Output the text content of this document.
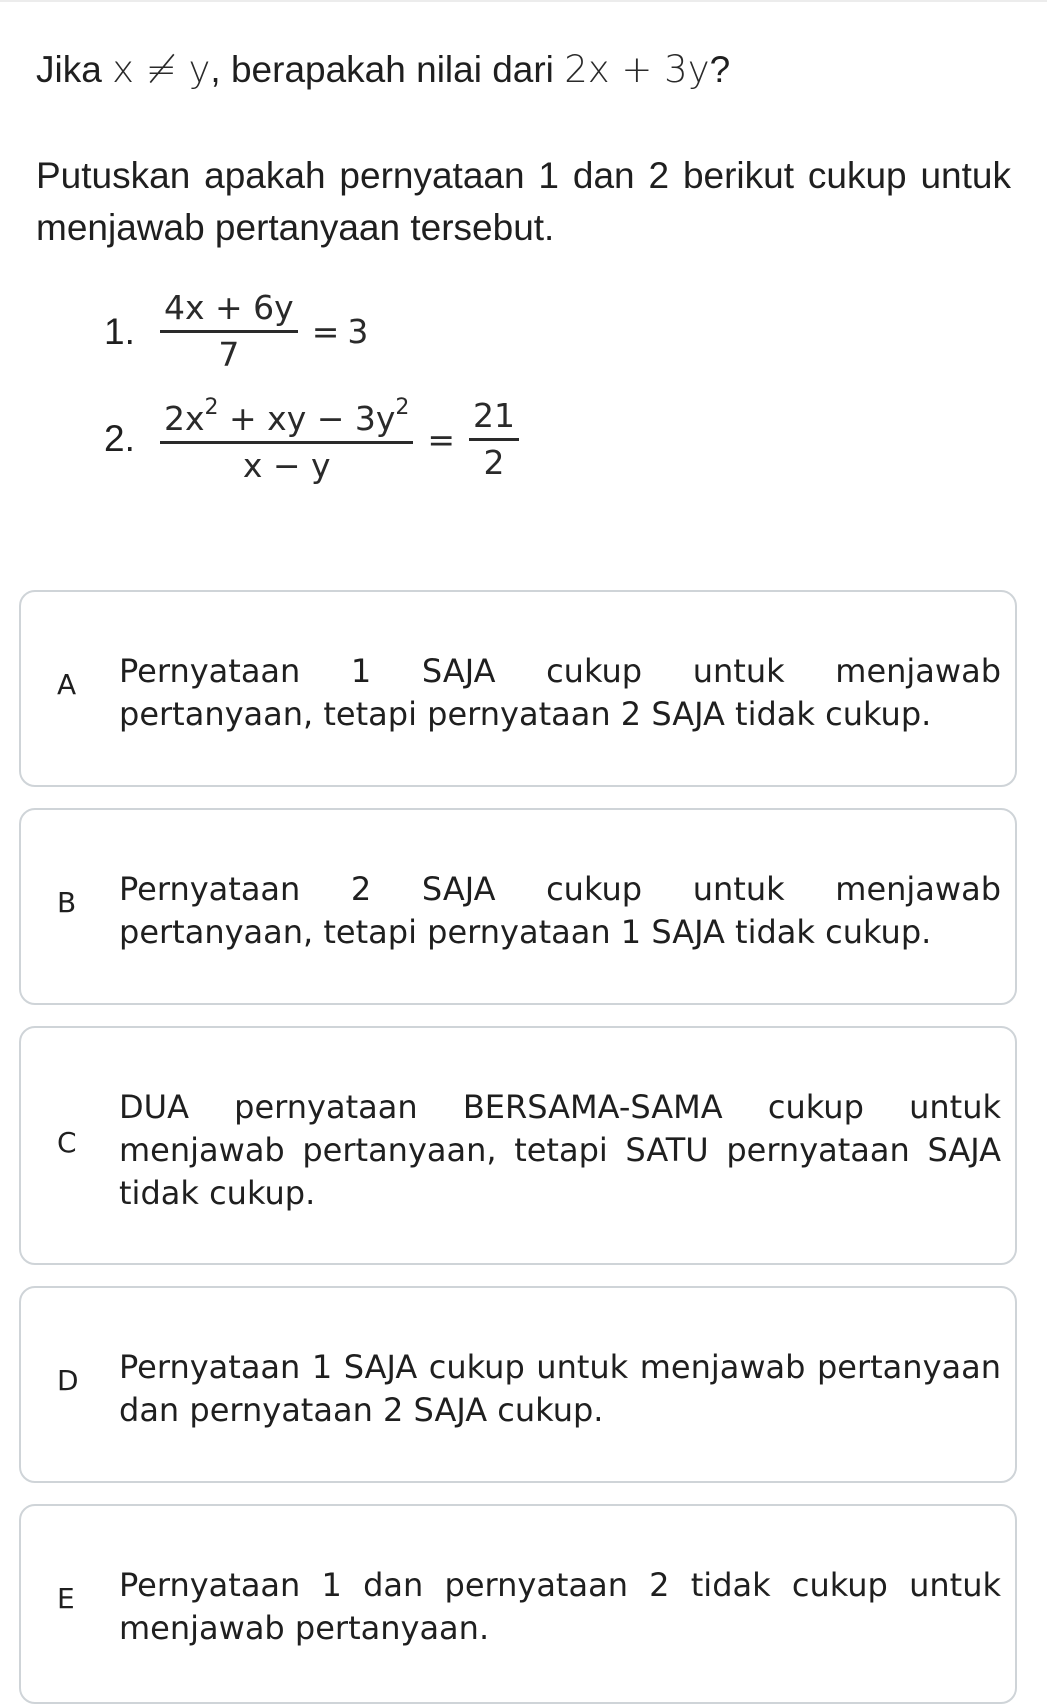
Jika x ≠ y, berapakah nilai dari 2x + 3y?
Putuskan apakah pernyataan 1 dan 2 berikut cukup untuk menjawab pertanyaan tersebut.
1. $\frac{4x + 6y}{7} = 3$
2. $\frac{2x^2 + xy - 3y^2}{x - y} = \frac{21}{2}$
A Pernyataan 1 SAJA cukup untuk menjawab pertanyaan, tetapi pernyataan 2 SAJA tidak cukup.
B Pernyataan 2 SAJA cukup untuk menjawab pertanyaan, tetapi pernyataan 1 SAJA tidak cukup.
C
DUA pernyataan BERSAMA-SAMA cukup untuk menjawab pertanyaan, tetapi SATU pernyataan SAJA tidak cukup.
D Pernyataan 1 SAJA cukup untuk menjawab pertanyaan dan pernyataan 2 SAJA cukup.
E Pernyataan 1 dan pernyataan 2 tidak cukup untuk menjawab pertanyaan.
